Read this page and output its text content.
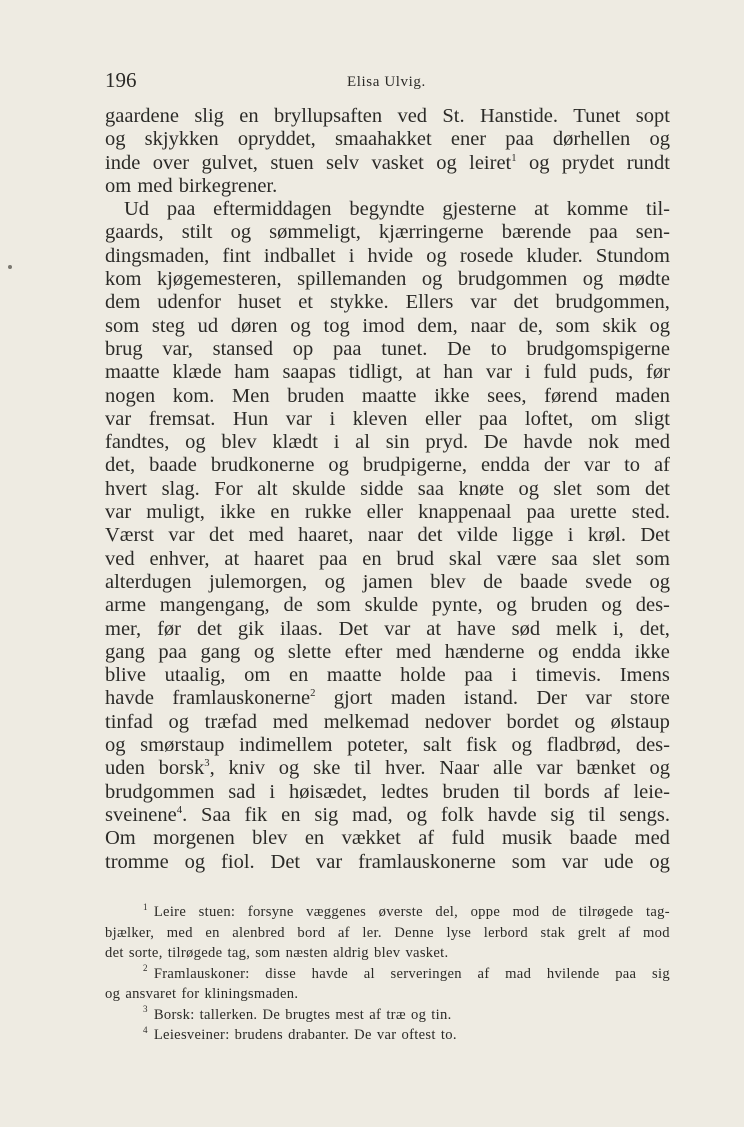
196	Elisa Ulvig.
gaardene slig en bryllupsaften ved St. Hanstide. Tunet sopt
og skjykken opryddet, smaahakket ener paa dørhellen og
inde over gulvet, stuen selv vasket og leiret$^1$ og prydet rundt
om med birkegrener.
Ud paa eftermiddagen begyndte gjesterne at komme til-
gaards, stilt og sømmeligt, kjærringerne bærende paa sen-
dingsmaden, fint indballet i hvide og rosede kluder. Stundom
kom kjøgemesteren, spillemanden og brudgommen og mødte
dem udenfor huset et stykke. Ellers var det brudgommen,
som steg ud døren og tog imod dem, naar de, som skik og
brug var, stansed op paa tunet. De to brudgomspigerne
maatte klæde ham saapas tidligt, at han var i fuld puds, før
nogen kom. Men bruden maatte ikke sees, førend maden
var fremsat. Hun var i kleven eller paa loftet, om sligt
fandtes, og blev klædt i al sin pryd. De havde nok med
det, baade brudkonerne og brudpigerne, endda der var to af
hvert slag. For alt skulde sidde saa knøte og slet som det
var muligt, ikke en rukke eller knappenaal paa urette sted.
Værst var det med haaret, naar det vilde ligge i krøl. Det
ved enhver, at haaret paa en brud skal være saa slet som
alterdugen julemorgen, og jamen blev de baade svede og
arme mangengang, de som skulde pynte, og bruden og des-
mer, før det gik ilaas. Det var at have sød melk i, det,
gang paa gang og slette efter med hænderne og endda ikke
blive utaalig, om en maatte holde paa i timevis. Imens
havde framlauskonerne$^2$ gjort maden istand. Der var store
tinfad og træfad med melkemad nedover bordet og ølstaup
og smørstaup indimellem poteter, salt fisk og fladbrød, des-
uden borsk$^3$, kniv og ske til hver. Naar alle var bænket og
brudgommen sad i høisædet, ledtes bruden til bords af leie-
sveinene$^4$. Saa fik en sig mad, og folk havde sig til sengs.
Om morgenen blev en vækket af fuld musik baade med
tromme og fiol. Det var framlauskonerne som var ude og
$^1$ Leire stuen: forsyne væggenes øverste del, oppe mod de tilrøgede tag-
bjælker, med en alenbred bord af ler. Denne lyse lerbord stak grelt af mod
det sorte, tilrøgede tag, som næsten aldrig blev vasket.
$^2$ Framlauskoner: disse havde al serveringen af mad hvilende paa sig
og ansvaret for kliningsmaden.
$^3$ Borsk: tallerken. De brugtes mest af træ og tin.
$^4$ Leiesveiner: brudens drabanter. De var oftest to.
